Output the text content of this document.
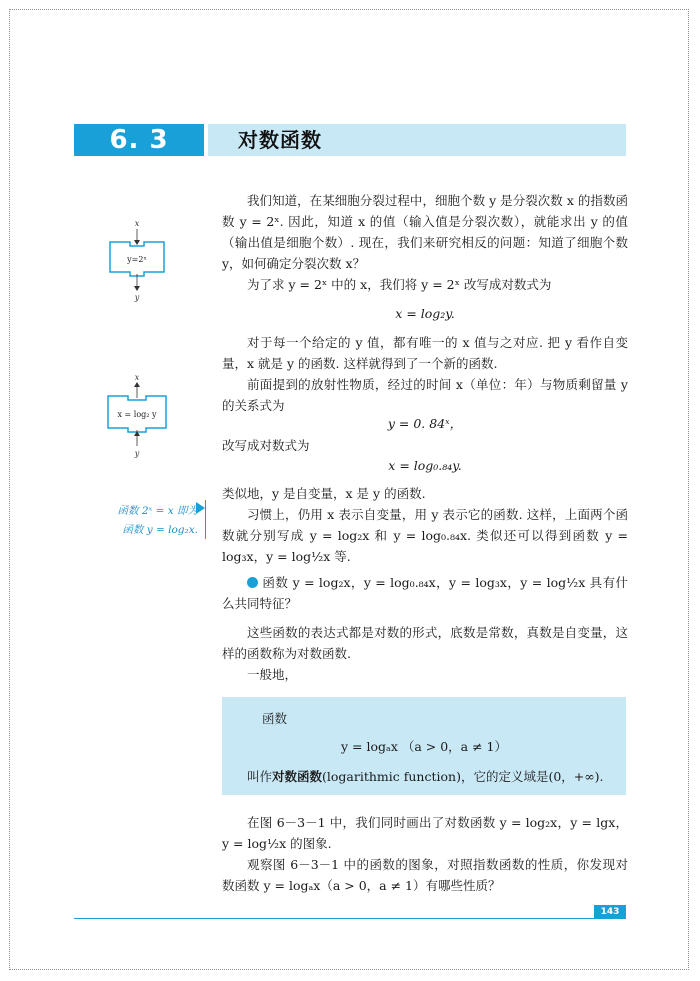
6. 3	对数函数
x
y=2ˣ
y
x
x = log₂ y
y
函数 2ˣ = x 即为
函数 y = log₂x.
我们知道，在某细胞分裂过程中，细胞个数 y 是分裂次数 x 的指数函数 y = 2ˣ. 因此，知道 x 的值（输入值是分裂次数），就能求出 y 的值（输出值是细胞个数）. 现在，我们来研究相反的问题：知道了细胞个数 y，如何确定分裂次数 x？
为了求 y = 2ˣ 中的 x，我们将 y = 2ˣ 改写成对数式为
x = log₂y.
对于每一个给定的 y 值，都有唯一的 x 值与之对应. 把 y 看作自变量，x 就是 y 的函数. 这样就得到了一个新的函数.
前面提到的放射性物质，经过的时间 x（单位：年）与物质剩留量 y 的关系式为
y = 0. 84ˣ，
改写成对数式为
x = log₀.₈₄y.
类似地，y 是自变量，x 是 y 的函数.
习惯上，仍用 x 表示自变量，用 y 表示它的函数. 这样，上面两个函数就分别写成 y = log₂x 和 y = log₀.₈₄x. 类似还可以得到函数 y = log₃x，y = log½x 等.
函数 y = log₂x，y = log₀.₈₄x，y = log₃x，y = log½x 具有什么共同特征？
这些函数的表达式都是对数的形式，底数是常数，真数是自变量，这样的函数称为对数函数.
一般地，
函数
y = logₐx （a > 0，a ≠ 1）
叫作对数函数(logarithmic function)，它的定义域是(0，+∞).
在图 6－3－1 中，我们同时画出了对数函数 y = log₂x，y = lgx，y = log½x 的图象.
观察图 6－3－1 中的函数的图象，对照指数函数的性质，你发现对数函数 y = logₐx（a > 0，a ≠ 1）有哪些性质？
143
